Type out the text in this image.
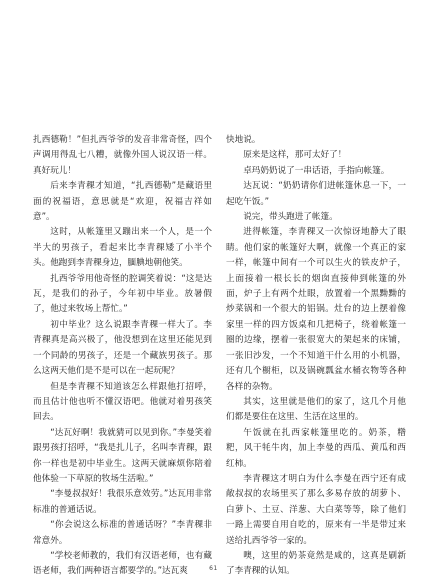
扎西德勒！”但扎西爷爷的发音非常奇怪，四个声调用得乱七八糟，就像外国人说汉语一样。真好玩儿！

后来李青稞才知道，“扎西德勒”是藏语里面的祝福语，意思就是“欢迎，祝福吉祥如意”。

这时，从帐篷里又蹦出来一个人，是一个半大的男孩子，看起来比李青稞矮了小半个头。他跑到李青稞身边，腼腆地朝他笑。

扎西爷爷用他奇怪的腔调笑着说：“这是达瓦，是我们的孙子，今年初中毕业。放暑假了，他过来牧场上帮忙。”

初中毕业？这么说跟李青稞一样大了。李青稞真是高兴极了，他没想到在这里还能见到一个同龄的男孩子，还是一个藏族男孩子。那么这两天他们是不是可以在一起玩呢？

但是李青稞不知道该怎么样跟他打招呼，而且估计他也听不懂汉语吧。他就对着男孩笑回去。

“达瓦好啊！我就猜可以见到你。”李曼笑着跟男孩打招呼，“我是扎儿子，名叫李青稞，跟你一样也是初中毕业生。这两天就麻烦你陪着他体验一下草原的牧场生活啦。”

“李曼叔叔好！我很乐意效劳。”达瓦用非常标准的普通话说。

“你会说这么标准的普通话呀？”李青稞非常意外。

“学校老师教的，我们有汉语老师，也有藏语老师，我们两种语言都要学的。”达瓦爽

快地说。

原来是这样，那可太好了！

卓玛奶奶说了一串话语，手指向帐篷。

达瓦说：“奶奶请你们进帐篷休息一下，一起吃午饭。”

说完，带头跑进了帐篷。

进得帐篷，李青稞又一次惊讶地静大了眼睛。他们家的帐篷好大啊，就像一个真正的家一样，帐篷中间有一个可以生火的铁皮炉子，上面接着一根长长的烟囱直接伸到帐篷的外面，炉子上有两个灶眼，放置着一个黑黝黝的炒菜锅和一个很大的铝锅。灶台的边上摆着像家里一样的四方饭桌和几把椅子，绕着帐篷一圈的边缘，摆着一张很宽大的架起来的床铺，一张旧沙发，一个不知道干什么用的小机器，还有几个橱柜，以及锅碗瓢盆水桶衣物等各种各样的杂物。

其实，这里就是他们的家了，这几个月他们都是要住在这里、生活在这里的。

午饭就在扎西家帐篷里吃的。奶茶，糌粑，风干牦牛肉，加上李曼的西瓜、黄瓜和西红柿。

李青稞这才明白为什么李曼在西宁还有成敞叔叔的农场里买了那么多易存放的胡萝卜、白萝卜、土豆、洋葱、大白菜等等，除了他们一路上需要自用自吃的，原来有一半是带过来送给扎西爷爷一家的。

噢，这里的奶茶竟然是咸的，这真是刷新了李青稞的认知。

61
